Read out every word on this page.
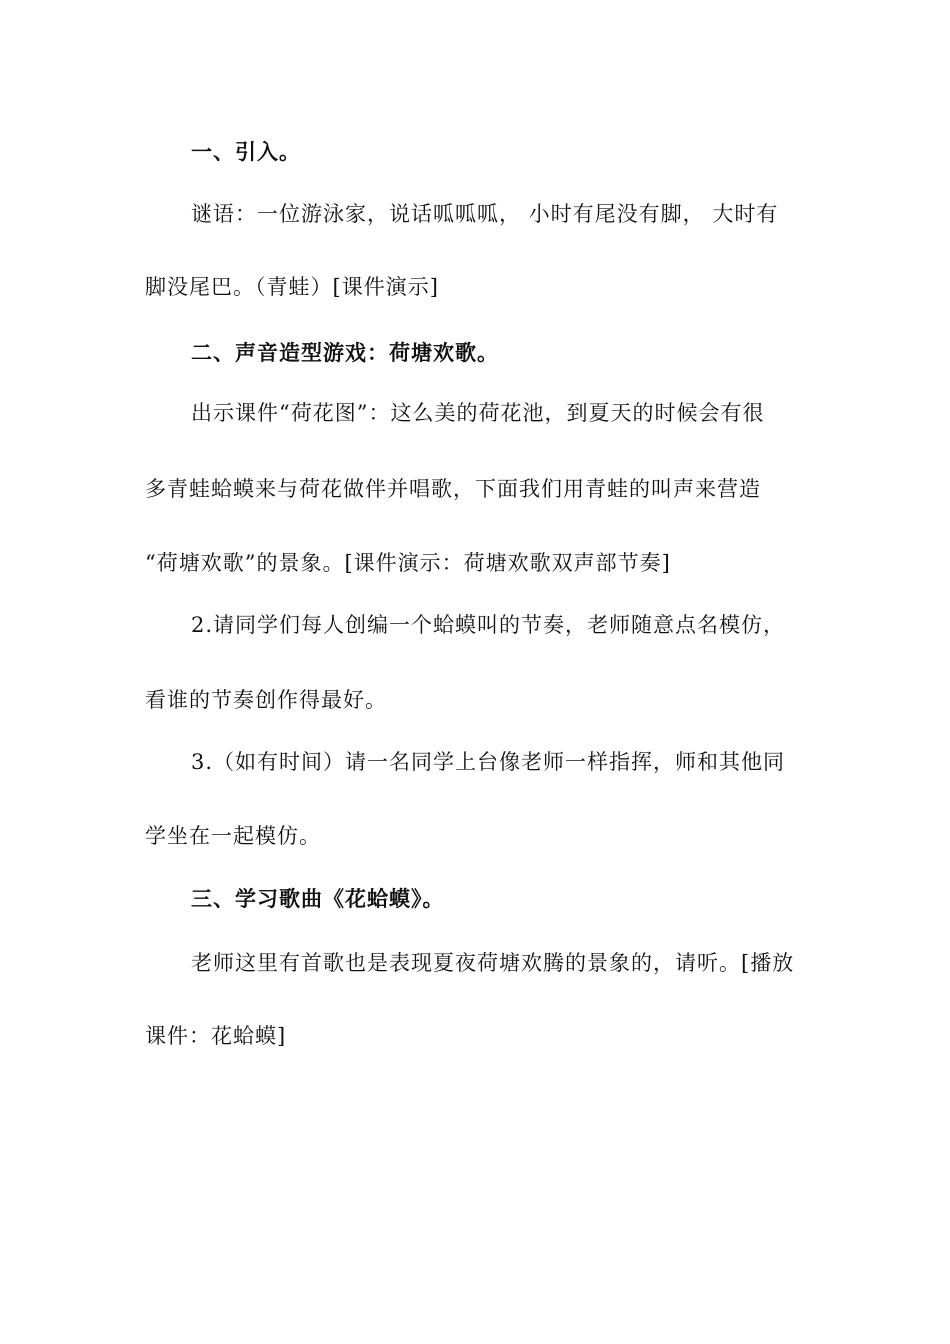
一、引入。
谜语：一位游泳家，说话呱呱呱， 小时有尾没有脚， 大时有
脚没尾巴。（青蛙）[课件演示]
二、声音造型游戏：荷塘欢歌。
出示课件“荷花图”：这么美的荷花池，到夏天的时候会有很
多青蛙蛤蟆来与荷花做伴并唱歌，下面我们用青蛙的叫声来营造
“荷塘欢歌”的景象。[课件演示：荷塘欢歌双声部节奏]
2.请同学们每人创编一个蛤蟆叫的节奏，老师随意点名模仿，
看谁的节奏创作得最好。
3.（如有时间）请一名同学上台像老师一样指挥，师和其他同
学坐在一起模仿。
三、学习歌曲《花蛤蟆》。
老师这里有首歌也是表现夏夜荷塘欢腾的景象的，请听。[播放
课件：花蛤蟆]
